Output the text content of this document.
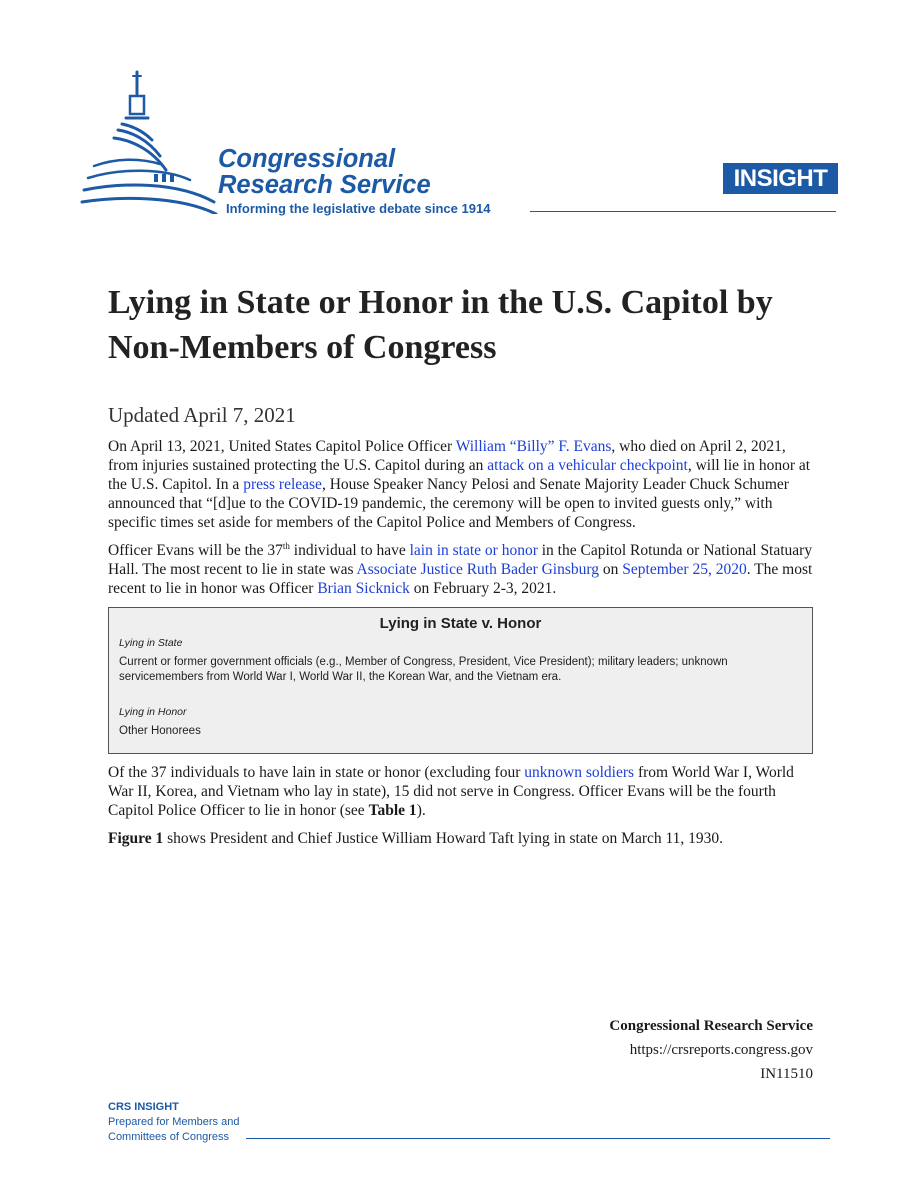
Congressional
Research Service
Informing the legislative debate since 1914
INSIGHT
Lying in State or Honor in the U.S. Capitol by Non-Members of Congress
Updated April 7, 2021

On April 13, 2021, United States Capitol Police Officer William “Billy” F. Evans, who died on April 2, 2021, from injuries sustained protecting the U.S. Capitol during an attack on a vehicular checkpoint, will lie in honor at the U.S. Capitol. In a press release, House Speaker Nancy Pelosi and Senate Majority Leader Chuck Schumer announced that “[d]ue to the COVID-19 pandemic, the ceremony will be open to invited guests only,” with specific times set aside for members of the Capitol Police and Members of Congress.

Officer Evans will be the 37th individual to have lain in state or honor in the Capitol Rotunda or National Statuary Hall. The most recent to lie in state was Associate Justice Ruth Bader Ginsburg on September 25, 2020. The most recent to lie in honor was Officer Brian Sicknick on February 2-3, 2021.

Lying in State v. Honor
Lying in State
Current or former government officials (e.g., Member of Congress, President, Vice President); military leaders; unknown servicemembers from World War I, World War II, the Korean War, and the Vietnam era.
Lying in Honor
Other Honorees

Of the 37 individuals to have lain in state or honor (excluding four unknown soldiers from World War I, World War II, Korea, and Vietnam who lay in state), 15 did not serve in Congress. Officer Evans will be the fourth Capitol Police Officer to lie in honor (see Table 1).

Figure 1 shows President and Chief Justice William Howard Taft lying in state on March 11, 1930.

Congressional Research Service
https://crsreports.congress.gov
IN11510
CRS INSIGHT
Prepared for Members and
Committees of Congress
